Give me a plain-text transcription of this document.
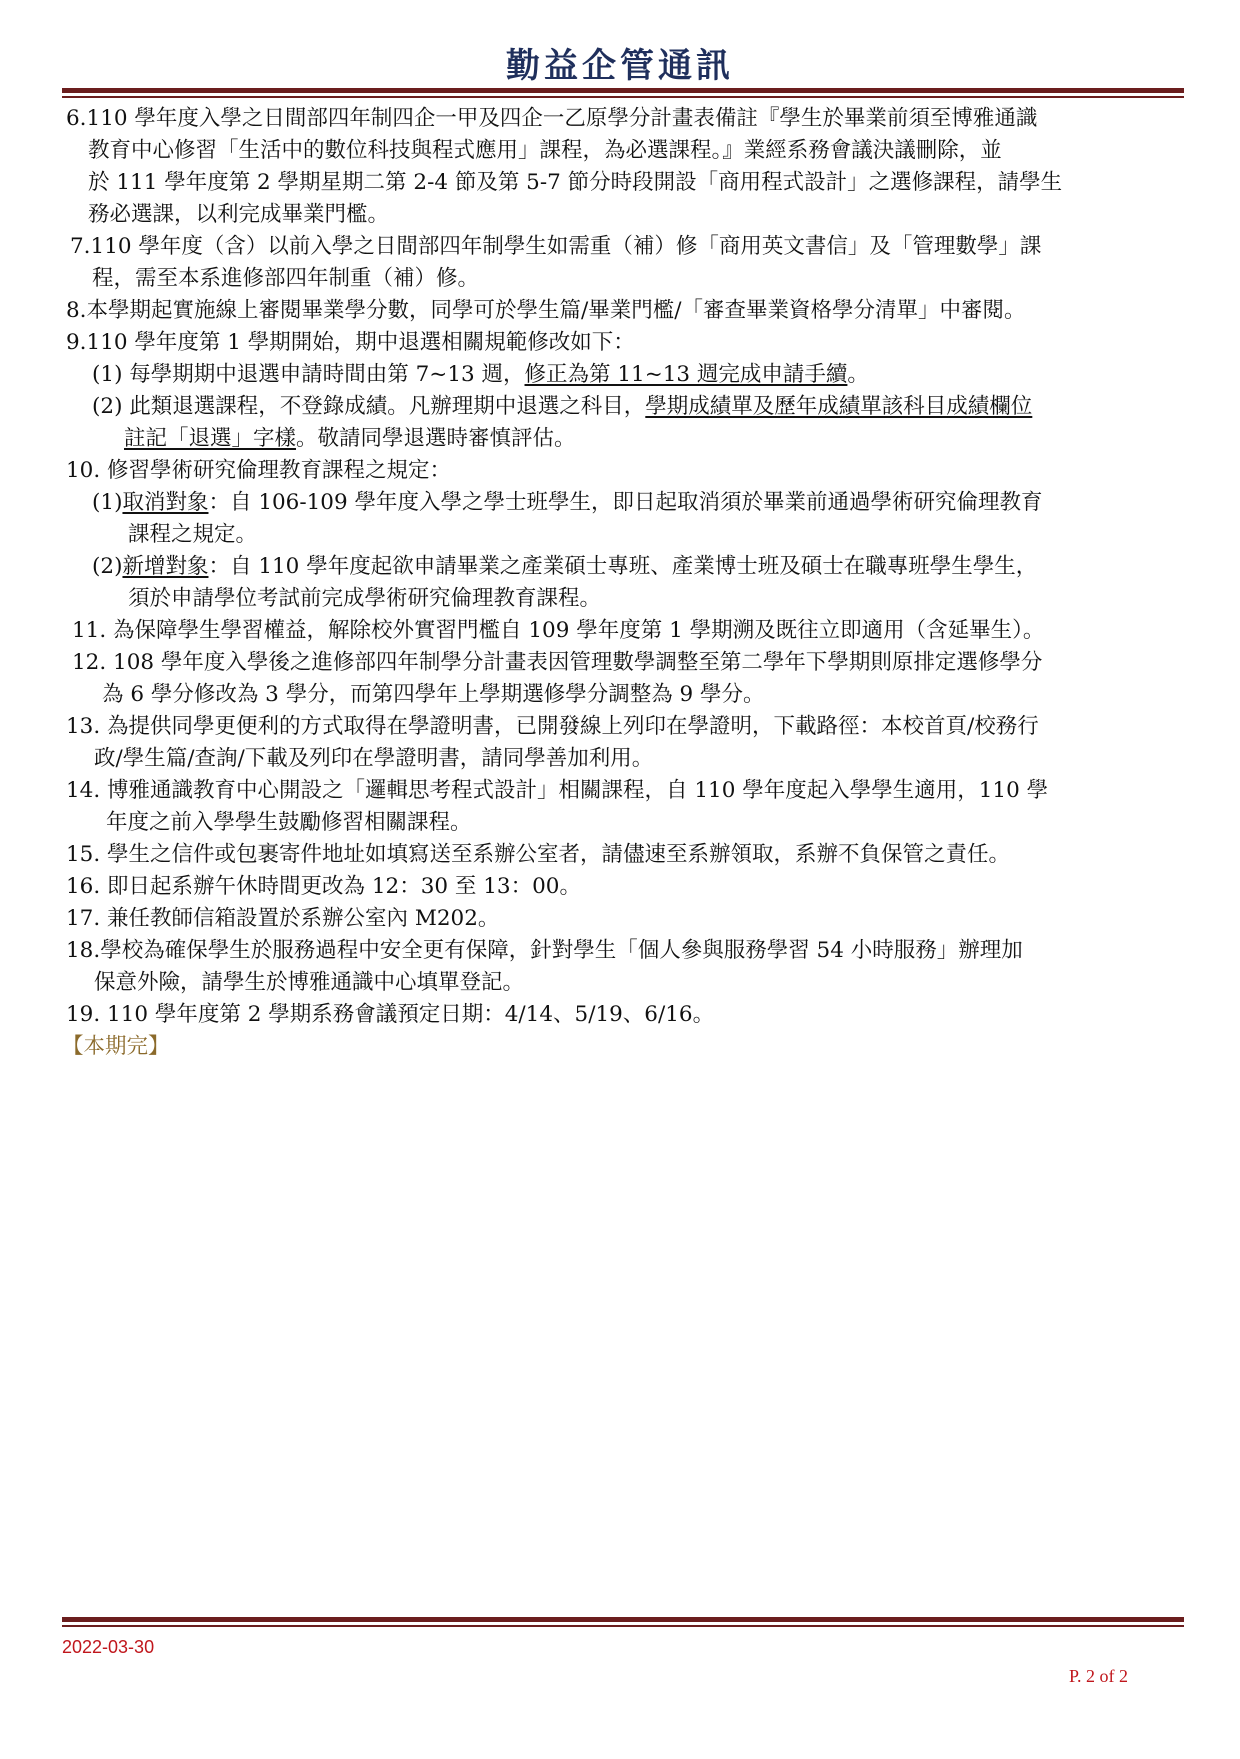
勤益企管通訊
6.110 學年度入學之日間部四年制四企一甲及四企一乙原學分計畫表備註『學生於畢業前須至博雅通識
教育中心修習「生活中的數位科技與程式應用」課程，為必選課程。』業經系務會議決議刪除，並
於 111 學年度第 2 學期星期二第 2-4 節及第 5-7 節分時段開設「商用程式設計」之選修課程，請學生
務必選課，以利完成畢業門檻。
7.110 學年度（含）以前入學之日間部四年制學生如需重（補）修「商用英文書信」及「管理數學」課
程，需至本系進修部四年制重（補）修。
8.本學期起實施線上審閱畢業學分數，同學可於學生篇/畢業門檻/「審查畢業資格學分清單」中審閱。
9.110 學年度第 1 學期開始，期中退選相關規範修改如下：
(1) 每學期期中退選申請時間由第 7~13 週，修正為第 11~13 週完成申請手續。
(2) 此類退選課程，不登錄成績。凡辦理期中退選之科目，學期成績單及歷年成績單該科目成績欄位
註記「退選」字樣。敬請同學退選時審慎評估。
10. 修習學術研究倫理教育課程之規定：
(1)取消對象：自 106-109 學年度入學之學士班學生，即日起取消須於畢業前通過學術研究倫理教育
課程之規定。
(2)新增對象：自 110 學年度起欲申請畢業之產業碩士專班、產業博士班及碩士在職專班學生學生，
須於申請學位考試前完成學術研究倫理教育課程。
11. 為保障學生學習權益，解除校外實習門檻自 109 學年度第 1 學期溯及既往立即適用（含延畢生）。
12. 108 學年度入學後之進修部四年制學分計畫表因管理數學調整至第二學年下學期則原排定選修學分
為 6 學分修改為 3 學分，而第四學年上學期選修學分調整為 9 學分。
13. 為提供同學更便利的方式取得在學證明書，已開發線上列印在學證明，下載路徑：本校首頁/校務行
政/學生篇/查詢/下載及列印在學證明書，請同學善加利用。
14. 博雅通識教育中心開設之「邏輯思考程式設計」相關課程，自 110 學年度起入學學生適用，110 學
年度之前入學學生鼓勵修習相關課程。
15. 學生之信件或包裹寄件地址如填寫送至系辦公室者，請儘速至系辦領取，系辦不負保管之責任。
16. 即日起系辦午休時間更改為 12：30 至 13：00。
17. 兼任教師信箱設置於系辦公室內 M202。
18.學校為確保學生於服務過程中安全更有保障，針對學生「個人參與服務學習 54 小時服務」辦理加
保意外險，請學生於博雅通識中心填單登記。
19. 110 學年度第 2 學期系務會議預定日期：4/14、5/19、6/16。
【本期完】
2022-03-30
P. 2 of 2
